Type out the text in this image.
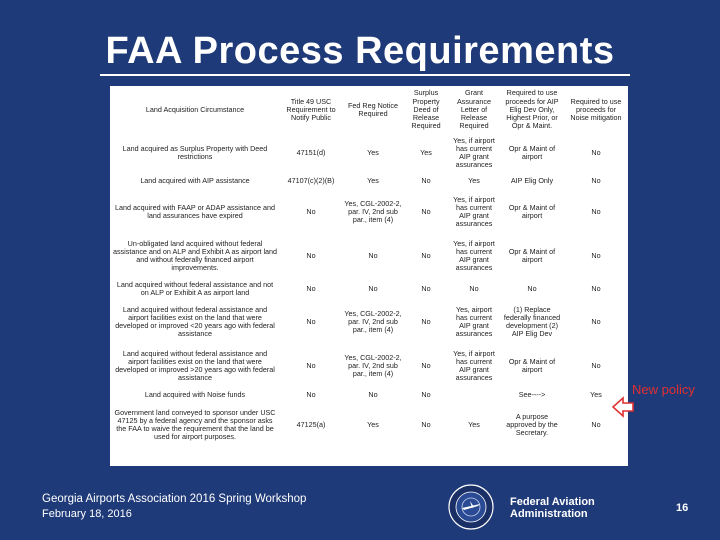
FAA Process Requirements
Land Acquisition Circumstance	Title 49 USC Requirement to Notify Public	Fed Reg Notice Required	Surplus Property Deed of Release Required	Grant Assurance Letter of Release Required	Required to use proceeds for AIP Elig Dev Only, Highest Prior, or Opr & Maint.	Required to use proceeds for Noise mitigation
Land acquired as Surplus Property with Deed restrictions	47151(d)	Yes	Yes	Yes, if airport has current AIP grant assurances	Opr & Maint of airport	No
Land acquired with AIP assistance	47107(c)(2)(B)	Yes	No	Yes	AIP Elig Only	No
Land acquired with FAAP or ADAP assistance and land assurances have expired	No	Yes, CGL-2002-2, par. IV, 2nd sub par., item (4)	No	Yes, if airport has current AIP grant assurances	Opr & Maint of airport	No
Un-obligated land acquired without federal assistance and on ALP and Exhibit A as airport land and without federally financed airport improvements.	No	No	No	Yes, if airport has current AIP grant assurances	Opr & Maint of airport	No
Land acquired without federal assistance and not on ALP or Exhibit A as airport land	No	No	No	No	No	No
Land acquired without federal assistance and airport facilities exist on the land that were developed or improved <20 years ago with federal assistance	No	Yes, CGL-2002-2, par. IV, 2nd sub par., item (4)	No	Yes, airport has current AIP grant assurances	(1) Replace federally financed development (2) AIP Elig Dev	No
Land acquired without federal assistance and airport facilities exist on the land that were developed or improved >20 years ago with federal assistance	No	Yes, CGL-2002-2, par. IV, 2nd sub par., item (4)	No	Yes, if airport has current AIP grant assurances	Opr & Maint of airport	No
Land acquired with Noise funds	No	No	No		See---->	Yes
Government land conveyed to sponsor under USC 47125 by a federal agency and the sponsor asks the FAA to waive the requirement that the land be used for airport purposes.	47125(a)	Yes	No	Yes	A purpose approved by the Secretary.	No
New policy
Georgia Airports Association 2016 Spring Workshop
February 18, 2016
Federal Aviation
Administration	16
